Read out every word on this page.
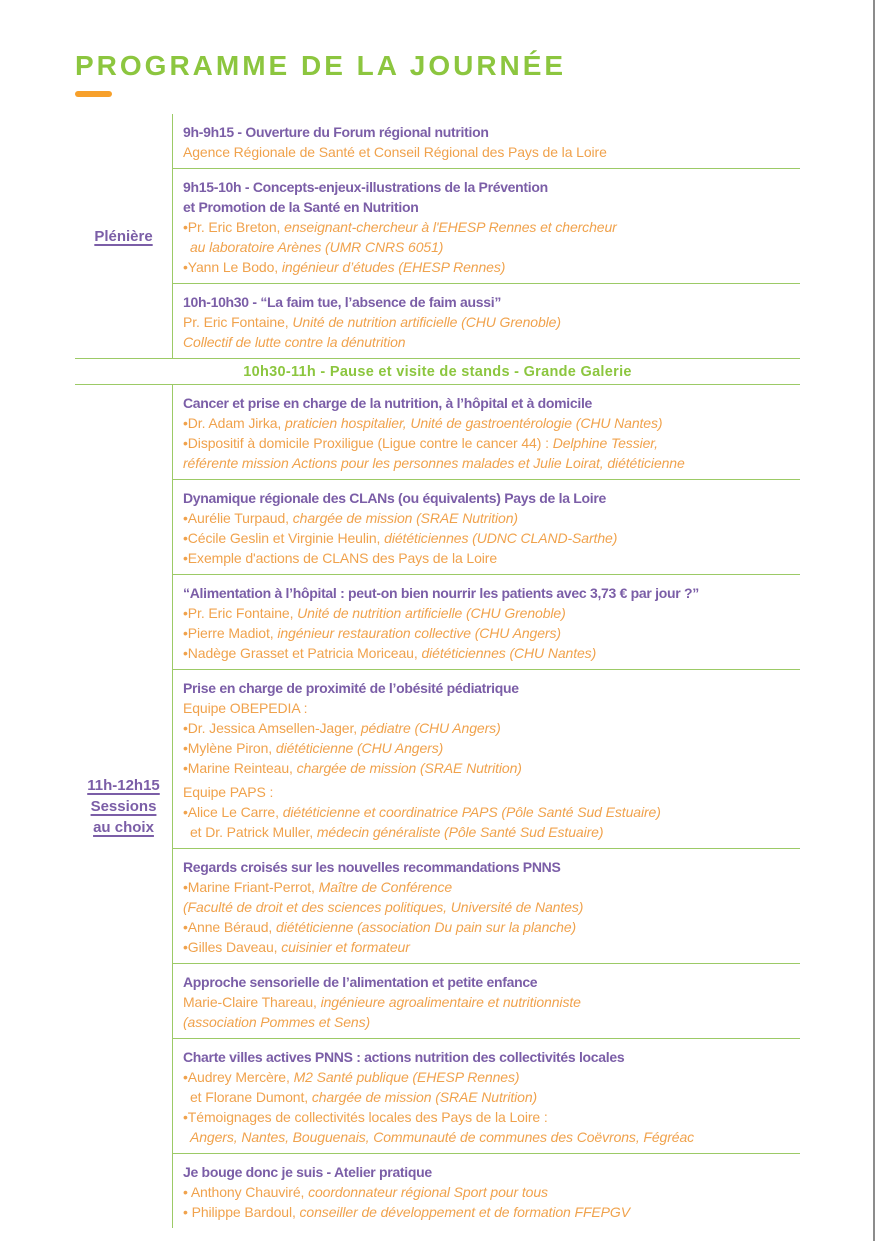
PROGRAMME DE LA JOURNÉE
Plénière
9h-9h15 - Ouverture du Forum régional nutrition
Agence Régionale de Santé et Conseil Régional des Pays de la Loire
9h15-10h - Concepts-enjeux-illustrations de la Prévention
et Promotion de la Santé en Nutrition
•Pr. Eric Breton, enseignant-chercheur à l'EHESP Rennes et chercheur
au laboratoire Arènes (UMR CNRS 6051)
•Yann Le Bodo, ingénieur d’études (EHESP Rennes)
10h-10h30 - “La faim tue, l’absence de faim aussi”
Pr. Eric Fontaine, Unité de nutrition artificielle (CHU Grenoble)
Collectif de lutte contre la dénutrition
10h30-11h - Pause et visite de stands - Grande Galerie
11h-12h15
Sessions
au choix
Cancer et prise en charge de la nutrition, à l’hôpital et à domicile
•Dr. Adam Jirka, praticien hospitalier, Unité de gastroentérologie (CHU Nantes)
•Dispositif à domicile Proxiligue (Ligue contre le cancer 44) : Delphine Tessier,
référente mission Actions pour les personnes malades et Julie Loirat, diététicienne
Dynamique régionale des CLANs (ou équivalents) Pays de la Loire
•Aurélie Turpaud, chargée de mission (SRAE Nutrition)
•Cécile Geslin et Virginie Heulin, diététiciennes (UDNC CLAND-Sarthe)
•Exemple d'actions de CLANS des Pays de la Loire
“Alimentation à l’hôpital : peut-on bien nourrir les patients avec 3,73 € par jour ?”
•Pr. Eric Fontaine, Unité de nutrition artificielle (CHU Grenoble)
•Pierre Madiot, ingénieur restauration collective (CHU Angers)
•Nadège Grasset et Patricia Moriceau, diététiciennes (CHU Nantes)
Prise en charge de proximité de l’obésité pédiatrique
Equipe OBEPEDIA :
•Dr. Jessica Amsellen-Jager, pédiatre (CHU Angers)
•Mylène Piron, diététicienne (CHU Angers)
•Marine Reinteau, chargée de mission (SRAE Nutrition)
Equipe PAPS :
•Alice Le Carre, diététicienne et coordinatrice PAPS (Pôle Santé Sud Estuaire)
et Dr. Patrick Muller, médecin généraliste (Pôle Santé Sud Estuaire)
Regards croisés sur les nouvelles recommandations PNNS
•Marine Friant-Perrot, Maître de Conférence
(Faculté de droit et des sciences politiques, Université de Nantes)
•Anne Béraud, diététicienne (association Du pain sur la planche)
•Gilles Daveau, cuisinier et formateur
Approche sensorielle de l’alimentation et petite enfance
Marie-Claire Thareau, ingénieure agroalimentaire et nutritionniste
(association Pommes et Sens)
Charte villes actives PNNS : actions nutrition des collectivités locales
•Audrey Mercère, M2 Santé publique (EHESP Rennes)
et Florane Dumont, chargée de mission (SRAE Nutrition)
•Témoignages de collectivités locales des Pays de la Loire :
Angers, Nantes, Bouguenais, Communauté de communes des Coëvrons, Fégréac
Je bouge donc je suis - Atelier pratique
• Anthony Chauviré, coordonnateur régional Sport pour tous
• Philippe Bardoul, conseiller de développement et de formation FFEPGV
